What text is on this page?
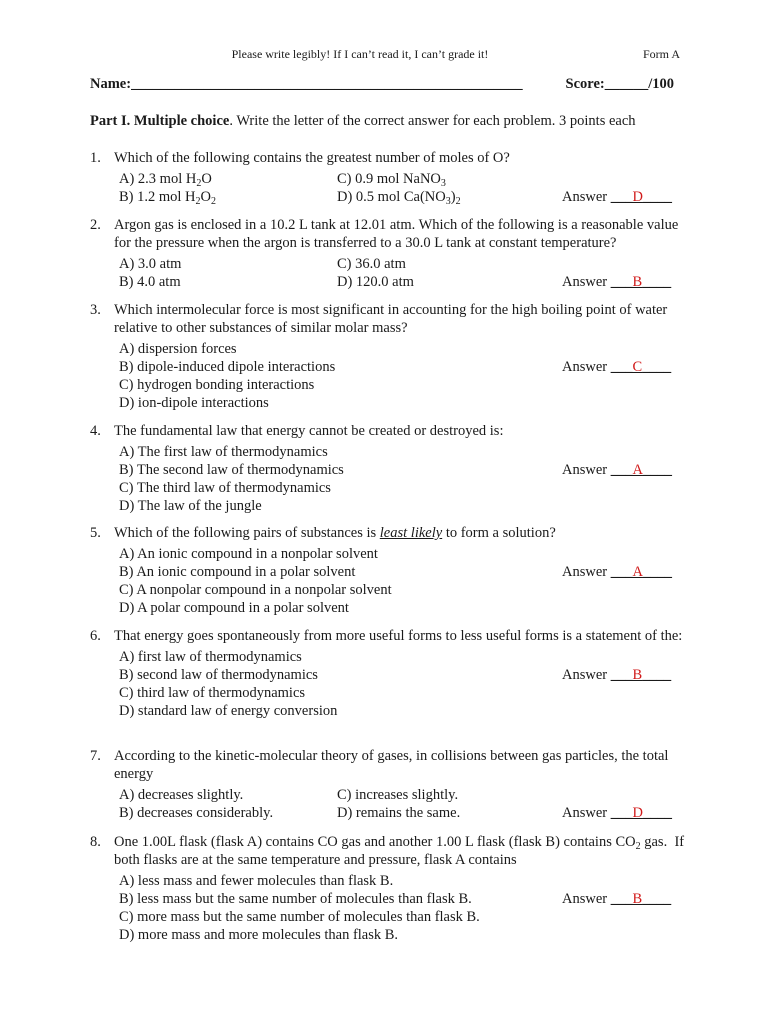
Please write legibly! If I can’t read it, I can’t grade it!	Form A
Name:______________________________________________________	Score:______/100
Part I. Multiple choice. Write the letter of the correct answer for each problem. 3 points each
1. Which of the following contains the greatest number of moles of O?
A) 2.3 mol $H_2O$	C) 0.9 mol NaNO$_3$
B) 1.2 mol $H_2O_2$	D) 0.5 mol $Ca(NO_3)_2$	Answer ___D____
2. Argon gas is enclosed in a 10.2 L tank at 12.01 atm. Which of the following is a reasonable value for the pressure when the argon is transferred to a 30.0 L tank at constant temperature?
A) 3.0 atm	C) 36.0 atm
B) 4.0 atm	D) 120.0 atm	Answer ___B____
3. Which intermolecular force is most significant in accounting for the high boiling point of water relative to other substances of similar molar mass?
A) dispersion forces
B) dipole-induced dipole interactions
C) hydrogen bonding interactions
D) ion-dipole interactions
Answer ___C____
4. The fundamental law that energy cannot be created or destroyed is:
A) The first law of thermodynamics
B) The second law of thermodynamics
C) The third law of thermodynamics
D) The law of the jungle
Answer ___A____
5. Which of the following pairs of substances is least likely to form a solution?
A) An ionic compound in a nonpolar solvent
B) An ionic compound in a polar solvent
C) A nonpolar compound in a nonpolar solvent
D) A polar compound in a polar solvent
Answer ___A____
6. That energy goes spontaneously from more useful forms to less useful forms is a statement of the:
A) first law of thermodynamics
B) second law of thermodynamics
C) third law of thermodynamics
D) standard law of energy conversion
Answer ___B____
7. According to the kinetic-molecular theory of gases, in collisions between gas particles, the total energy
A) decreases slightly.	C) increases slightly.
B) decreases considerably.	D) remains the same.	Answer ___D____
8. One 1.00L flask (flask A) contains CO gas and another 1.00 L flask (flask B) contains $CO_2$ gas.  If both flasks are at the same temperature and pressure, flask A contains
A) less mass and fewer molecules than flask B.
B) less mass but the same number of molecules than flask B.
C) more mass but the same number of molecules than flask B.
D) more mass and more molecules than flask B.
Answer ___B____
